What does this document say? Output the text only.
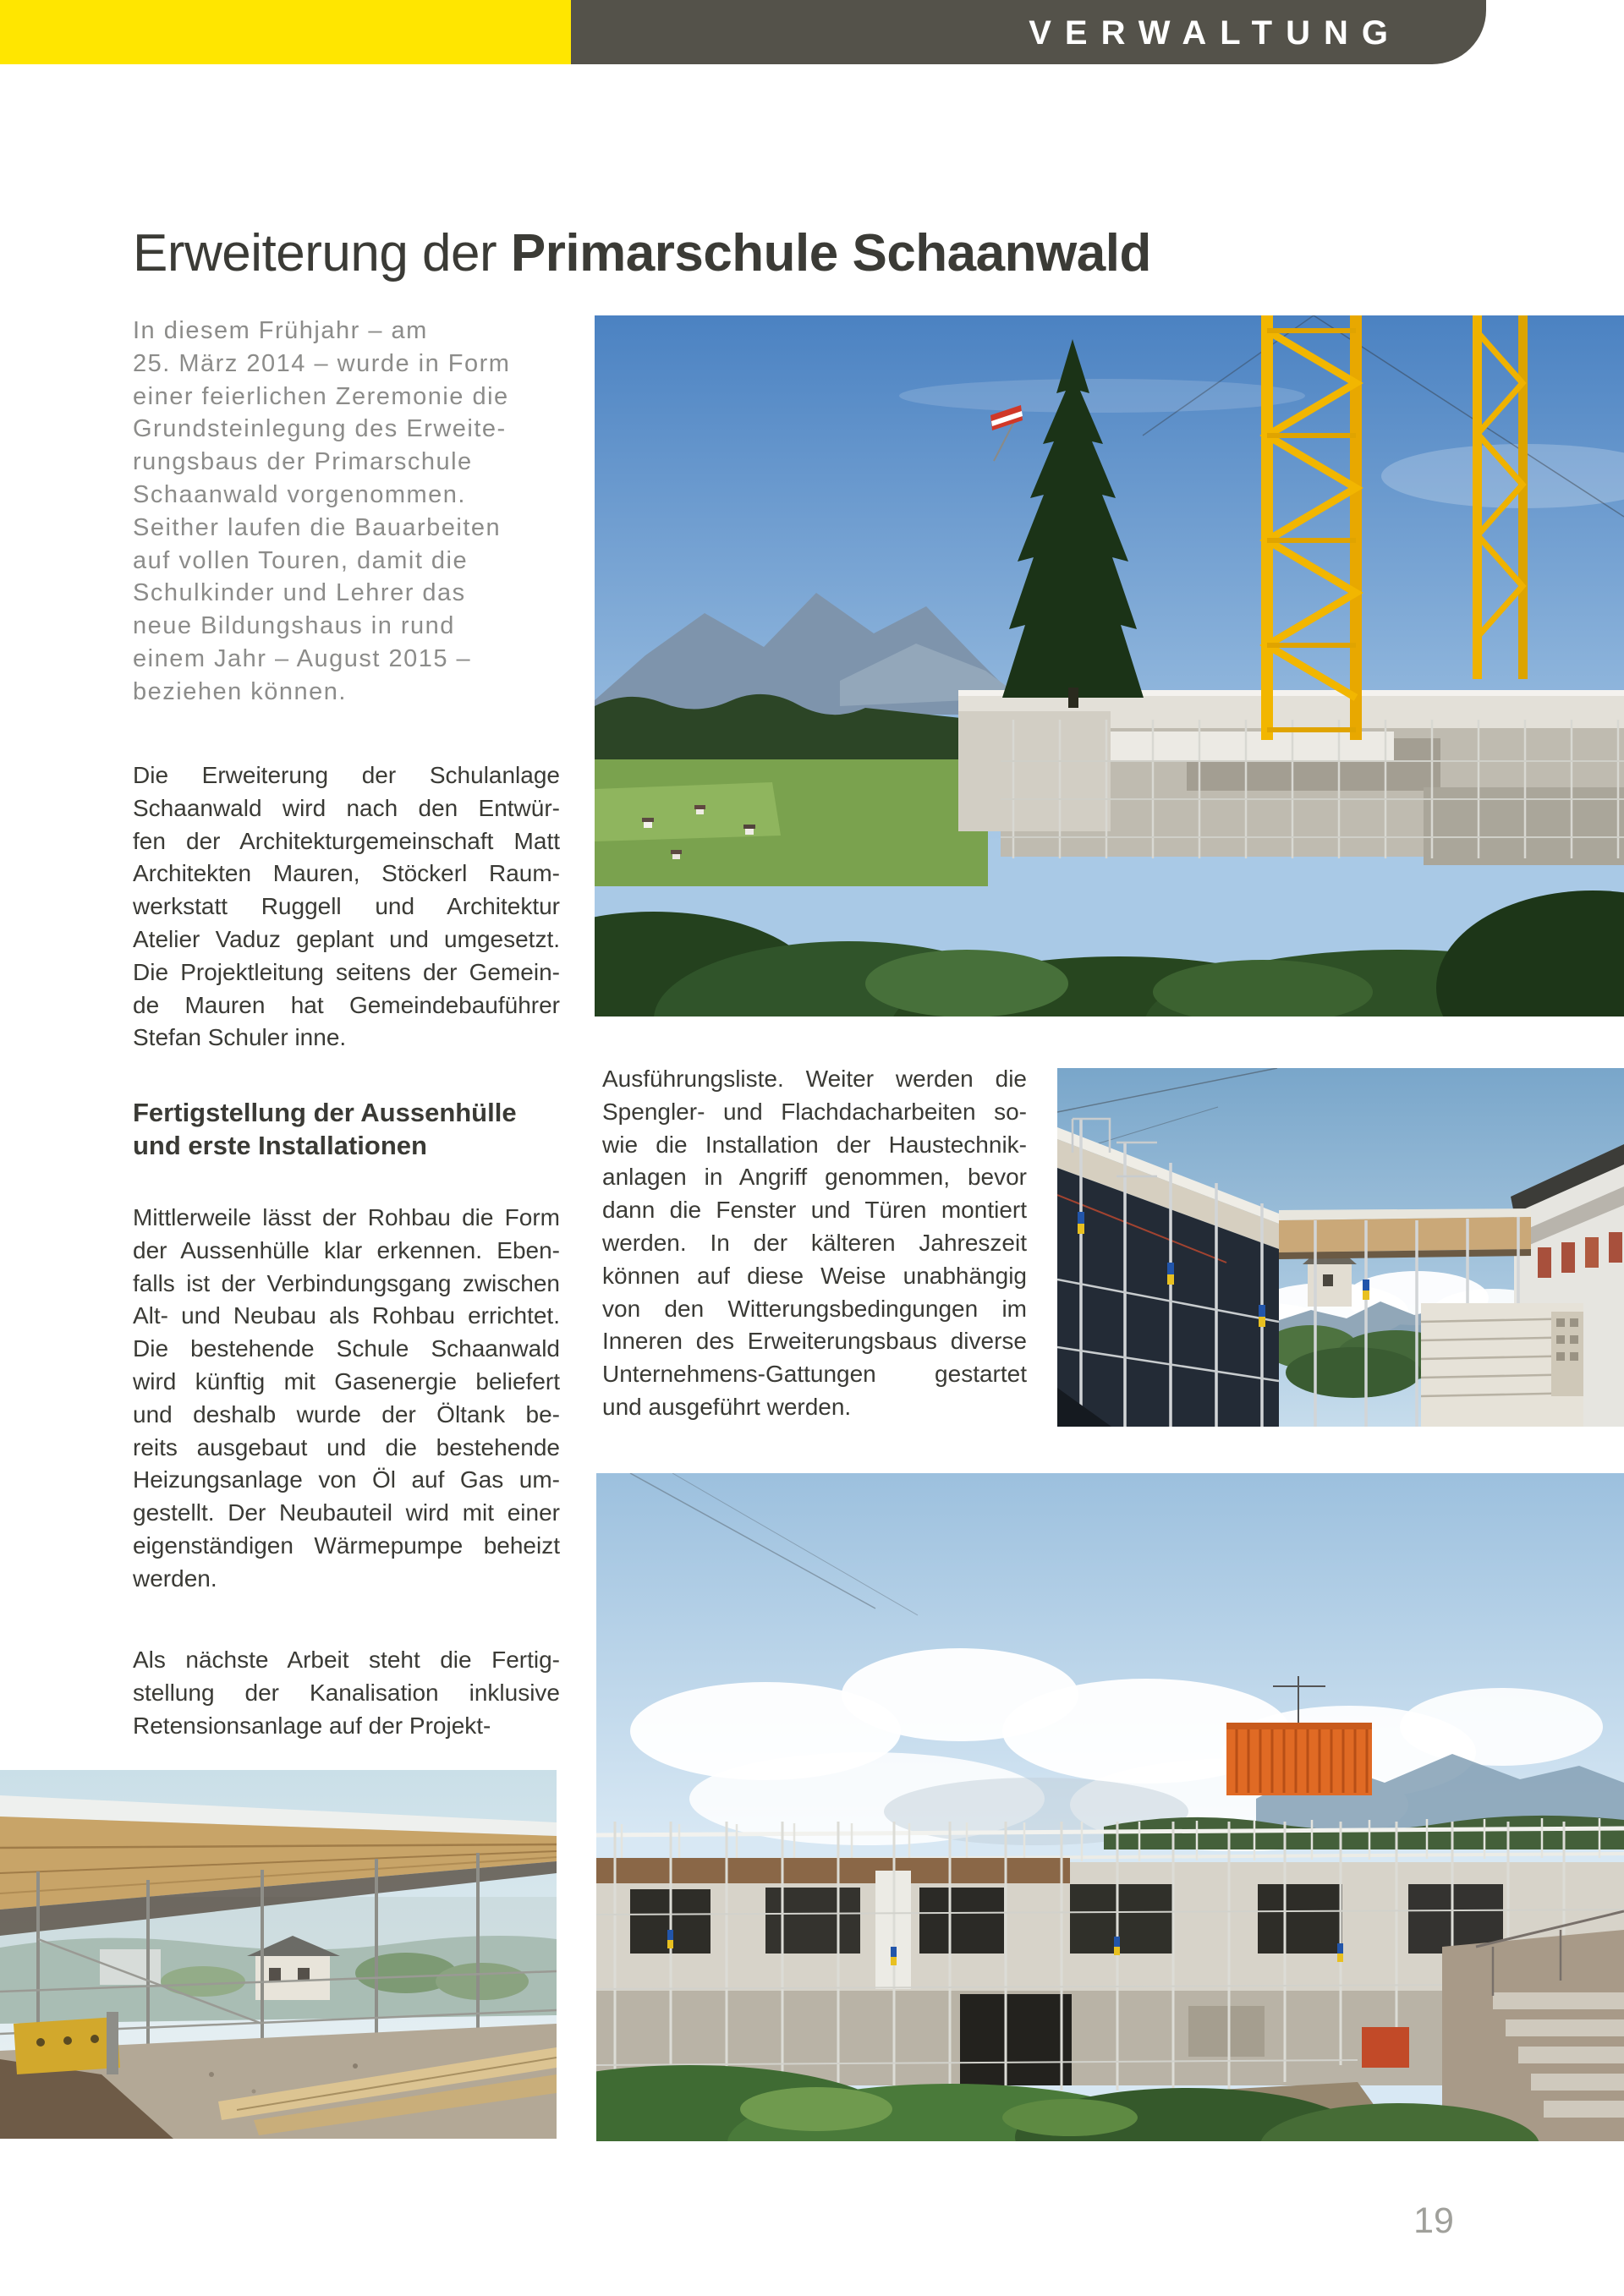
VERWALTUNG
Erweiterung der Primarschule Schaanwald
In diesem Frühjahr – am
25. März 2014 – wurde in Form
einer feierlichen Zeremonie die
Grundsteinlegung des Erweite-
rungsbaus der Primarschule
Schaanwald vorgenommen.
Seither laufen die Bauarbeiten
auf vollen Touren, damit die
Schulkinder und Lehrer das
neue Bildungshaus in rund
einem Jahr – August 2015 –
beziehen können.
Die Erweiterung der Schulanlage
Schaanwald wird nach den Entwür-
fen der Architekturgemeinschaft Matt
Architekten Mauren, Stöckerl Raum-
werkstatt Ruggell und Architektur
Atelier Vaduz geplant und umgesetzt.
Die Projektleitung seitens der Gemein-
de Mauren hat Gemeindebauführer
Stefan Schuler inne.
Fertigstellung der Aussenhülle
und erste Installationen
Mittlerweile lässt der Rohbau die Form
der Aussenhülle klar erkennen. Eben-
falls ist der Verbindungsgang zwischen
Alt- und Neubau als Rohbau errichtet.
Die bestehende Schule Schaanwald
wird künftig mit Gasenergie beliefert
und deshalb wurde der Öltank be-
reits ausgebaut und die bestehende
Heizungsanlage von Öl auf Gas um-
gestellt. Der Neubauteil wird mit einer
eigenständigen Wärmepumpe beheizt
werden.
Als nächste Arbeit steht die Fertig-
stellung der Kanalisation inklusive
Retensionsanlage auf der Projekt-
Ausführungsliste. Weiter werden die
Spengler- und Flachdacharbeiten so-
wie die Installation der Haustechnik-
anlagen in Angriff genommen, bevor
dann die Fenster und Türen montiert
werden. In der kälteren Jahreszeit
können auf diese Weise unabhängig
von den Witterungsbedingungen im
Inneren des Erweiterungsbaus diverse
Unternehmens-Gattungen gestartet
und ausgeführt werden.
19
